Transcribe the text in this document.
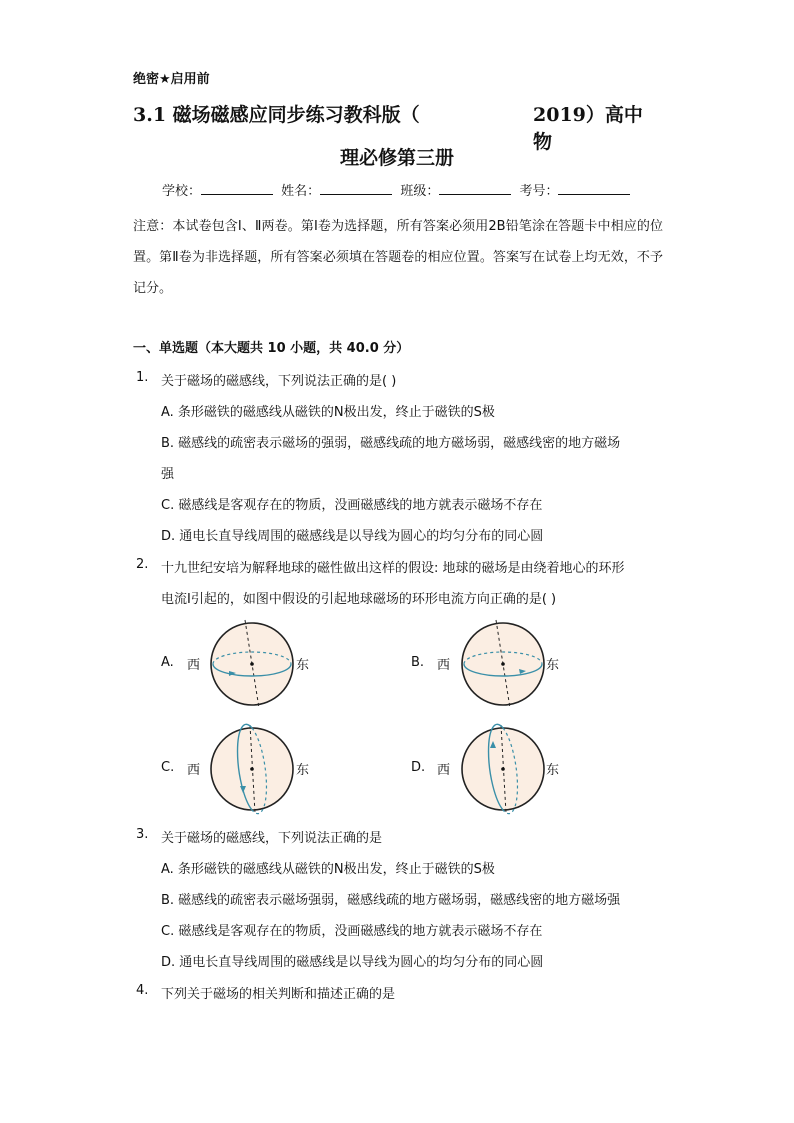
绝密★启用前
3.1 磁场磁感应同步练习教科版（	2019）高中物
理必修第三册
学校：	姓名：	班级：	考号：
注意：本试卷包含Ⅰ、Ⅱ两卷。第Ⅰ卷为选择题，所有答案必须用2B铅笔涂在答题卡中相应的位置。第Ⅱ卷为非选择题，所有答案必须填在答题卷的相应位置。答案写在试卷上均无效，不予记分。
一、单选题（本大题共 10 小题，共 40.0 分）
1. 关于磁场的磁感线，下列说法正确的是( )
A. 条形磁铁的磁感线从磁铁的N极出发，终止于磁铁的S极
B. 磁感线的疏密表示磁场的强弱，磁感线疏的地方磁场弱，磁感线密的地方磁场
强
C. 磁感线是客观存在的物质，没画磁感线的地方就表示磁场不存在
D. 通电长直导线周围的磁感线是以导线为圆心的均匀分布的同心圆
2. 十九世纪安培为解释地球的磁性做出这样的假设: 地球的磁场是由绕着地心的环形
电流I引起的，如图中假设的引起地球磁场的环形电流方向正确的是( )
A. 西	东	B. 西	东
C. 西	东	D. 西	东
3. 关于磁场的磁感线，下列说法正确的是
A. 条形磁铁的磁感线从磁铁的N极出发，终止于磁铁的S极
B. 磁感线的疏密表示磁场强弱，磁感线疏的地方磁场弱，磁感线密的地方磁场强
C. 磁感线是客观存在的物质，没画磁感线的地方就表示磁场不存在
D. 通电长直导线周围的磁感线是以导线为圆心的均匀分布的同心圆
4. 下列关于磁场的相关判断和描述正确的是
